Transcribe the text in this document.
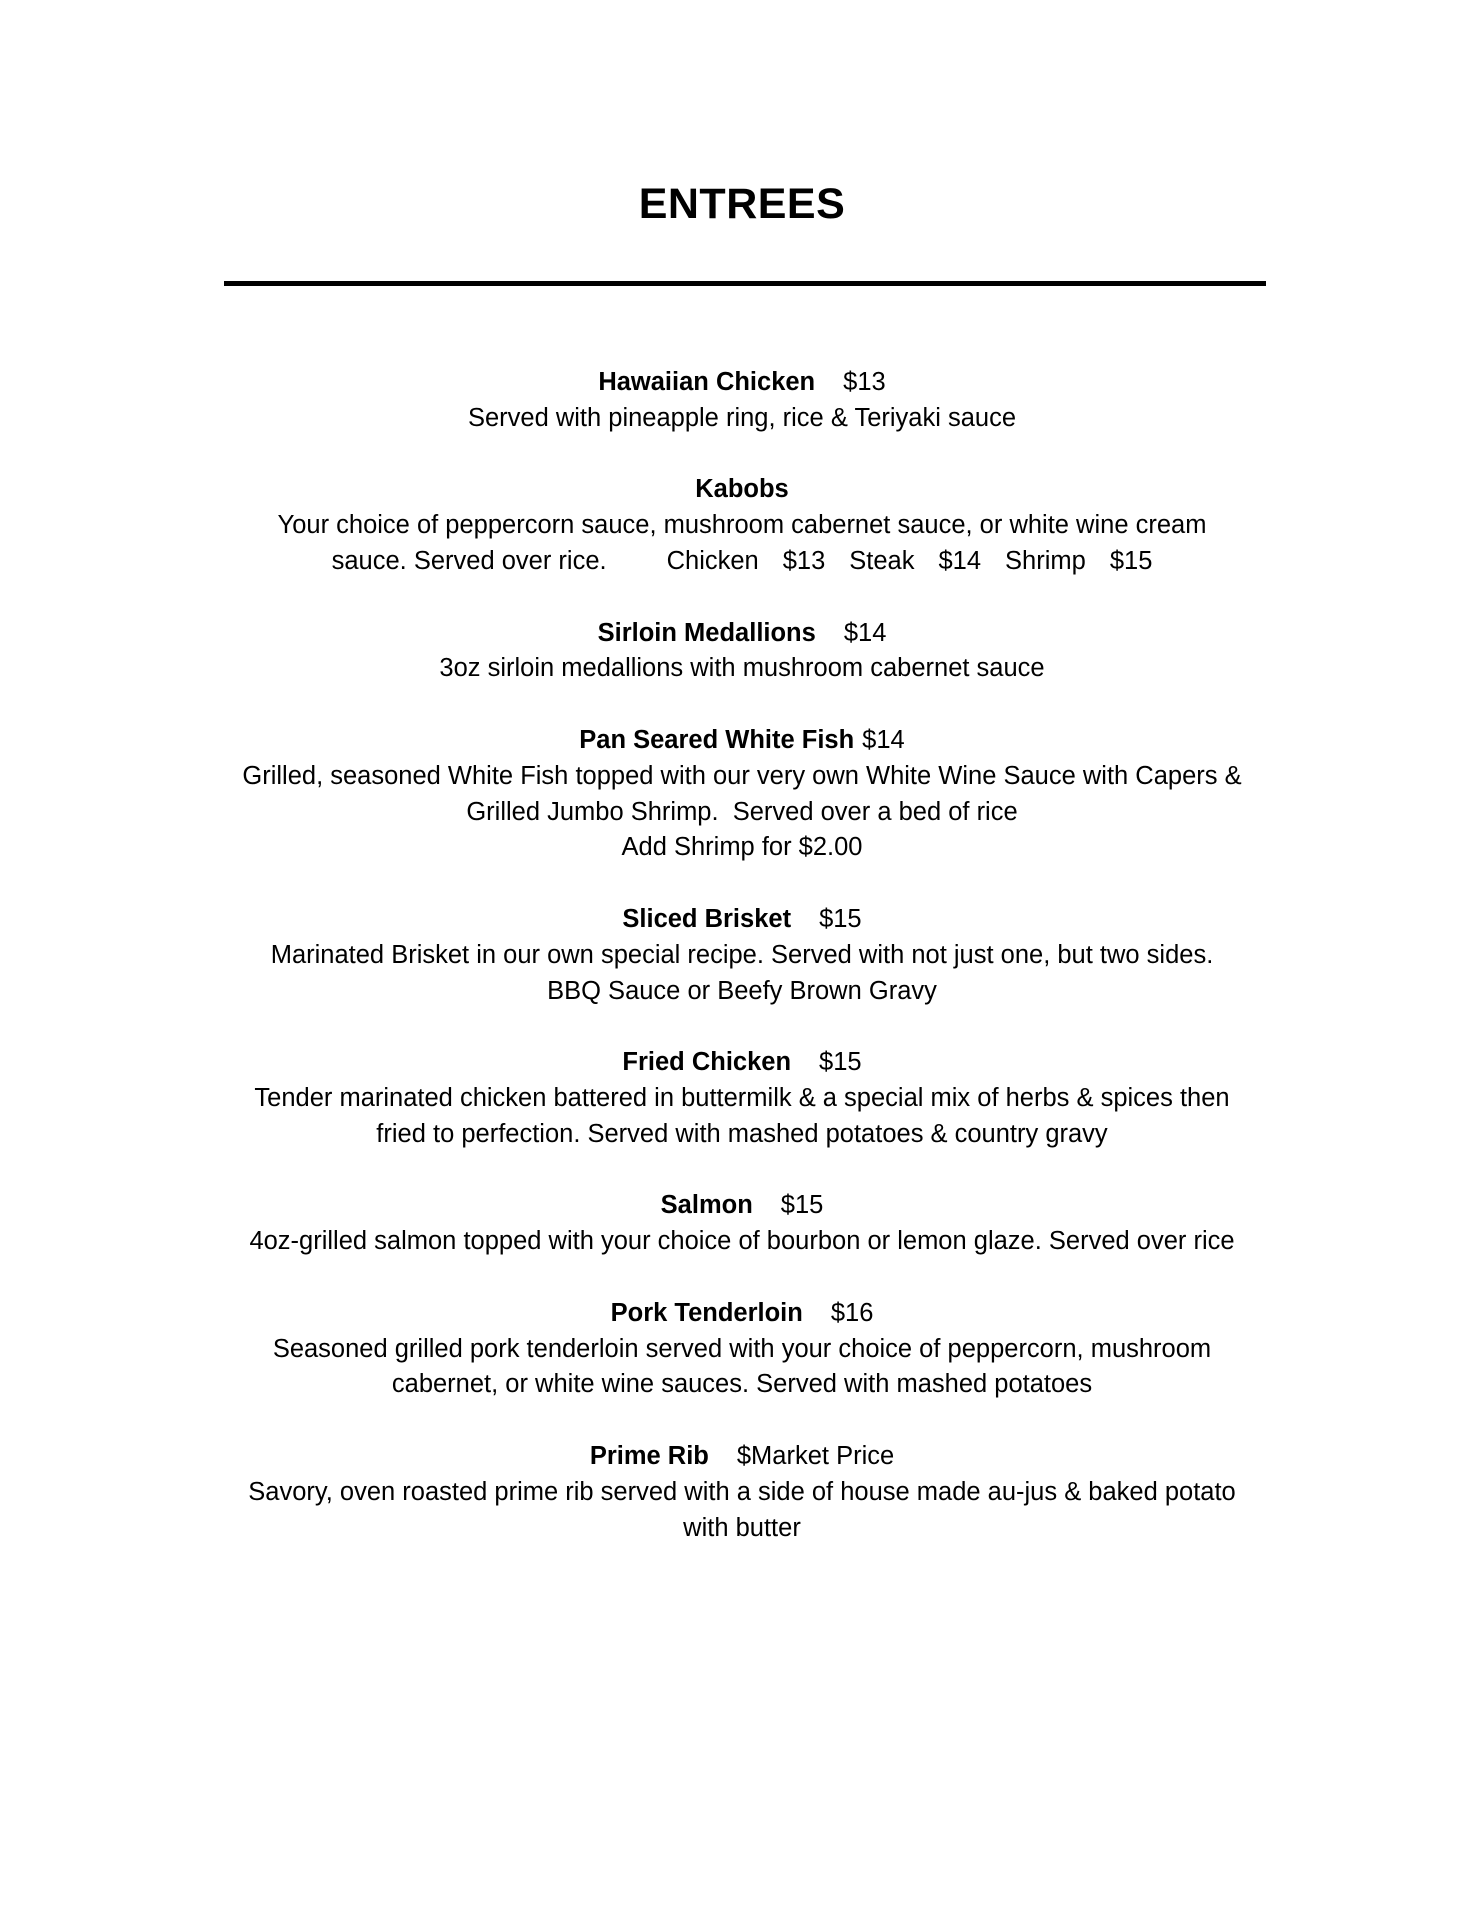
ENTREES
Hawaiian Chicken $13
Served with pineapple ring, rice & Teriyaki sauce
Kabobs
Your choice of peppercorn sauce, mushroom cabernet sauce, or white wine cream
sauce. Served over rice. Chicken $13 Steak $14 Shrimp $15
Sirloin Medallions $14
3oz sirloin medallions with mushroom cabernet sauce
Pan Seared White Fish $14
Grilled, seasoned White Fish topped with our very own White Wine Sauce with Capers &
Grilled Jumbo Shrimp.  Served over a bed of rice
Add Shrimp for $2.00
Sliced Brisket $15
Marinated Brisket in our own special recipe. Served with not just one, but two sides.
BBQ Sauce or Beefy Brown Gravy
Fried Chicken $15
Tender marinated chicken battered in buttermilk & a special mix of herbs & spices then
fried to perfection. Served with mashed potatoes & country gravy
Salmon $15
4oz-grilled salmon topped with your choice of bourbon or lemon glaze. Served over rice
Pork Tenderloin $16
Seasoned grilled pork tenderloin served with your choice of peppercorn, mushroom
cabernet, or white wine sauces. Served with mashed potatoes
Prime Rib $Market Price
Savory, oven roasted prime rib served with a side of house made au-jus & baked potato
with butter
